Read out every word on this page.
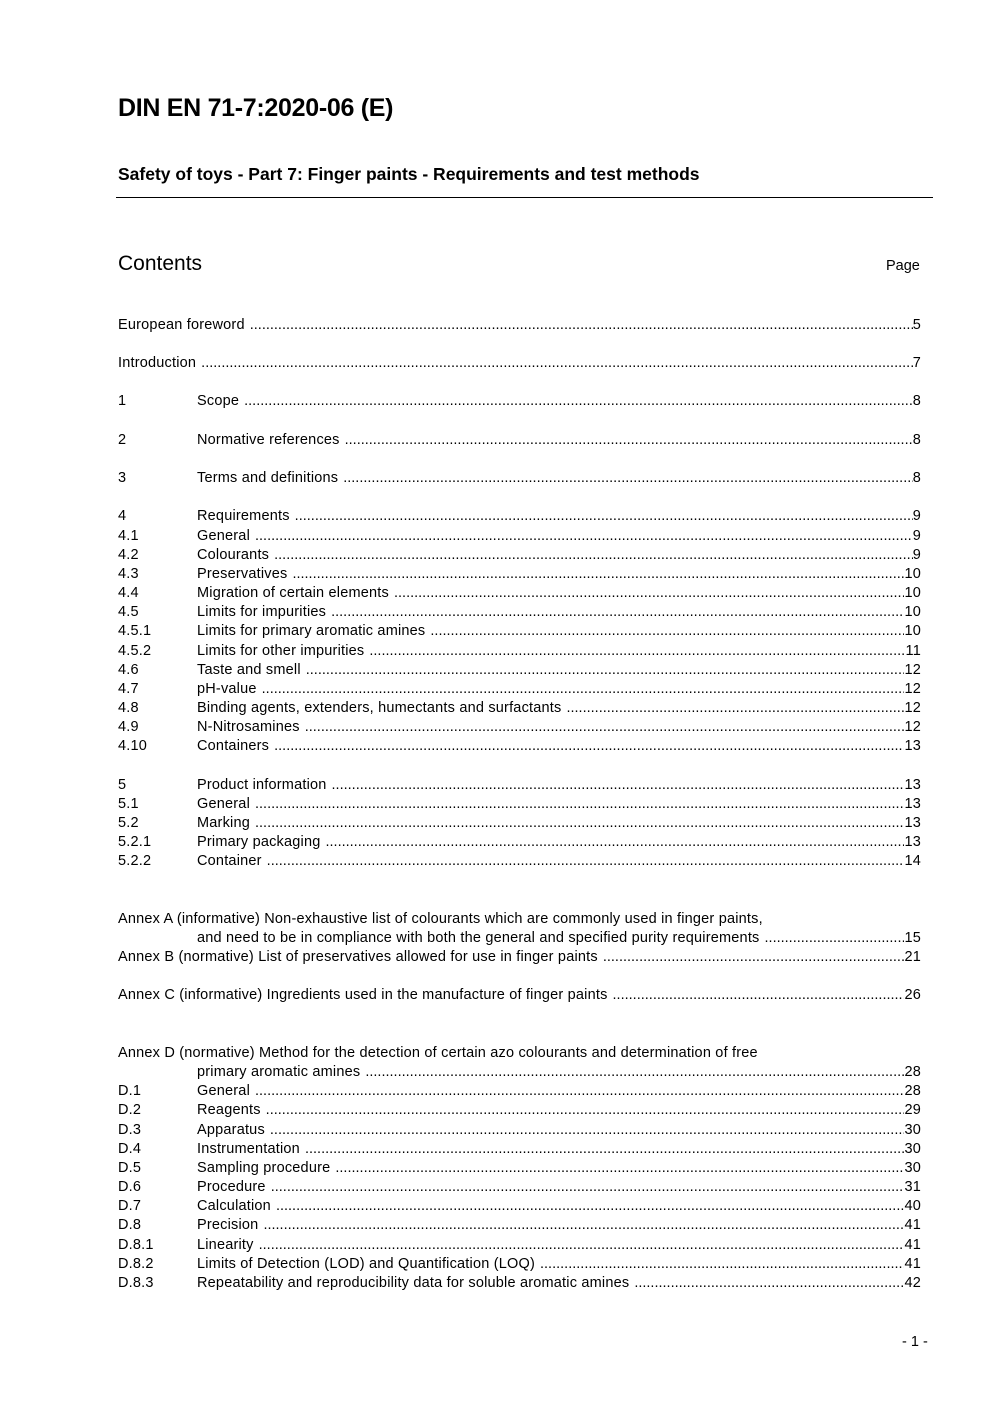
DIN EN 71-7:2020-06 (E)
Safety of toys - Part 7: Finger paints - Requirements and test methods
Contents	Page
European foreword .....	5
Introduction .....	7
1	Scope .....	8
2	Normative references .....	8
3	Terms and definitions .....	8
4	Requirements .....	9
4.1	General .....	9
4.2	Colourants .....	9
4.3	Preservatives .....	10
4.4	Migration of certain elements .....	10
4.5	Limits for impurities .....	10
4.5.1	Limits for primary aromatic amines .....	10
4.5.2	Limits for other impurities .....	11
4.6	Taste and smell .....	12
4.7	pH-value .....	12
4.8	Binding agents, extenders, humectants and surfactants .....	12
4.9	N-Nitrosamines .....	12
4.10	Containers .....	13
5	Product information .....	13
5.1	General .....	13
5.2	Marking .....	13
5.2.1	Primary packaging .....	13
5.2.2	Container .....	14
Annex A (informative) Non-exhaustive list of colourants which are commonly used in finger paints,
and need to be in compliance with both the general and specified purity requirements .....	15
Annex B (normative) List of preservatives allowed for use in finger paints .....	21
Annex C (informative) Ingredients used in the manufacture of finger paints .....	26
Annex D (normative) Method for the detection of certain azo colourants and determination of free
primary aromatic amines .....	28
D.1	General .....	28
D.2	Reagents .....	29
D.3	Apparatus .....	30
D.4	Instrumentation .....	30
D.5	Sampling procedure .....	30
D.6	Procedure .....	31
D.7	Calculation .....	40
D.8	Precision .....	41
D.8.1	Linearity .....	41
D.8.2	Limits of Detection (LOD) and Quantification (LOQ) .....	41
D.8.3	Repeatability and reproducibility data for soluble aromatic amines .....	42
- 1 -
